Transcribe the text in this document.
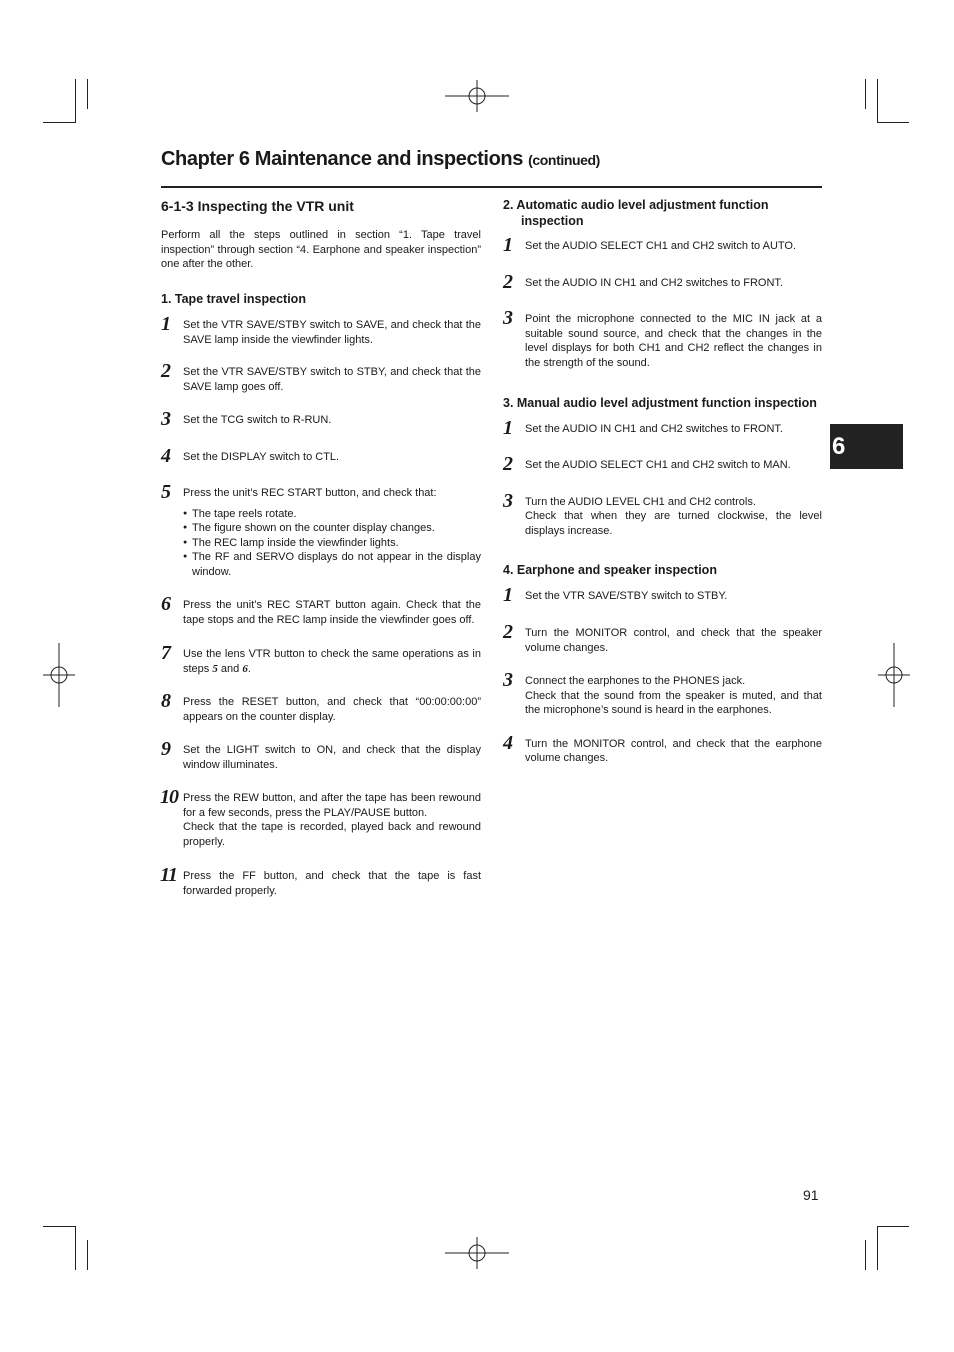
Chapter 6 Maintenance and inspections (continued)
6
6-1-3 Inspecting the VTR unit

Perform all the steps outlined in section “1. Tape travel inspection” through section “4. Earphone and speaker inspection” one after the other.

1. Tape travel inspection
1 Set the VTR SAVE/STBY switch to SAVE, and check that the SAVE lamp inside the viewfinder lights.

2 Set the VTR SAVE/STBY switch to STBY, and check that the SAVE lamp goes off.

3 Set the TCG switch to R-RUN.

4 Set the DISPLAY switch to CTL.

5 Press the unit’s REC START button, and check that:

● The tape reels rotate.
● The figure shown on the counter display changes.
● The REC lamp inside the viewfinder lights.
● The RF and SERVO displays do not appear in the display window.
6 Press the unit’s REC START button again. Check that the tape stops and the REC lamp inside the viewfinder goes off.

7 Use the lens VTR button to check the same operations as in steps 5 and 6.

8 Press the RESET button, and check that “00:00:00:00” appears on the counter display.

9 Set the LIGHT switch to ON, and check that the display window illuminates.

10 Press the REW button, and after the tape has been rewound for a few seconds, press the PLAY/PAUSE button.

Check that the tape is recorded, played back and rewound properly.

11 Press the FF button, and check that the tape is fast forwarded properly.

2. Automatic audio level adjustment function inspection
1 Set the AUDIO SELECT CH1 and CH2 switch to AUTO.

2 Set the AUDIO IN CH1 and CH2 switches to FRONT.

3 Point the microphone connected to the MIC IN jack at a suitable sound source, and check that the changes in the level displays for both CH1 and CH2 reflect the changes in the strength of the sound.

3. Manual audio level adjustment function inspection
1 Set the AUDIO IN CH1 and CH2 switches to FRONT.

2 Set the AUDIO SELECT CH1 and CH2 switch to MAN.

3 Turn the AUDIO LEVEL CH1 and CH2 controls.

Check that when they are turned clockwise, the level displays increase.

4. Earphone and speaker inspection
1 Set the VTR SAVE/STBY switch to STBY.

2 Turn the MONITOR control, and check that the speaker volume changes.

3 Connect the earphones to the PHONES jack.

Check that the sound from the speaker is muted, and that the microphone’s sound is heard in the earphones.

4 Turn the MONITOR control, and check that the earphone volume changes.

91
